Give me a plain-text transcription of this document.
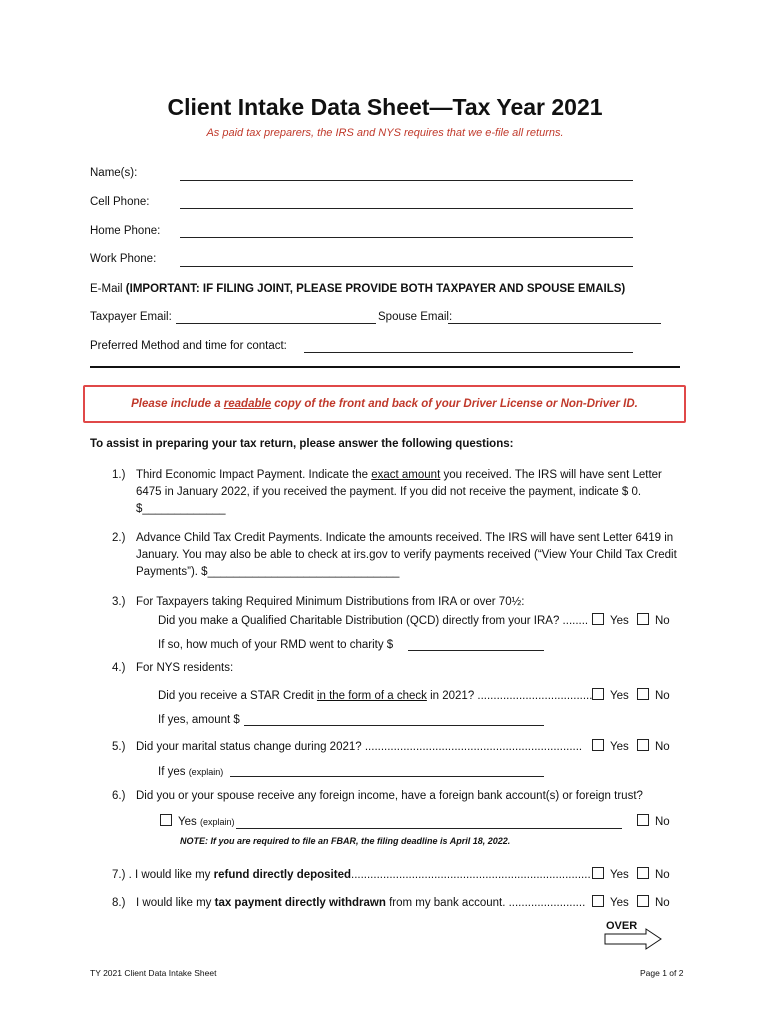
Client Intake Data Sheet—Tax Year 2021
As paid tax preparers, the IRS and NYS requires that we e-file all returns.
Name(s):
Cell Phone:
Home Phone:
Work Phone:
E-Mail (IMPORTANT: IF FILING JOINT, PLEASE PROVIDE BOTH TAXPAYER AND SPOUSE EMAILS)
Taxpayer Email:	Spouse Email:
Preferred Method and time for contact:
Please include a readable copy of the front and back of your Driver License or Non-Driver ID.
To assist in preparing your tax return, please answer the following questions:
1.) Third Economic Impact Payment. Indicate the exact amount you received. The IRS will have sent Letter
6475 in January 2022, if you received the payment. If you did not receive the payment, indicate $ 0.
$_____________
2.) Advance Child Tax Credit Payments. Indicate the amounts received. The IRS will have sent Letter 6419 in
January. You may also be able to check at irs.gov to verify payments received (“View Your Child Tax Credit
Payments”). $______________________________
3.) For Taxpayers taking Required Minimum Distributions from IRA or over 70½:
Did you make a Qualified Charitable Distribution (QCD) directly from your IRA? ........	Yes	No
If so, how much of your RMD went to charity $
4.) For NYS residents:
Did you receive a STAR Credit in the form of a check in 2021? ....................................	Yes	No
If yes, amount $
5.) Did your marital status change during 2021? ....................................................................	Yes	No
If yes (explain)
6.) Did you or your spouse receive any foreign income, have a foreign bank account(s) or foreign trust?
Yes (explain)	No
NOTE: If you are required to file an FBAR, the filing deadline is April 18, 2022.
7.) . I would like my refund directly deposited...........................................................................	Yes	No
8.) I would like my tax payment directly withdrawn from my bank account. ........................	Yes	No
OVER
TY 2021 Client Data Intake Sheet	Page 1 of 2
